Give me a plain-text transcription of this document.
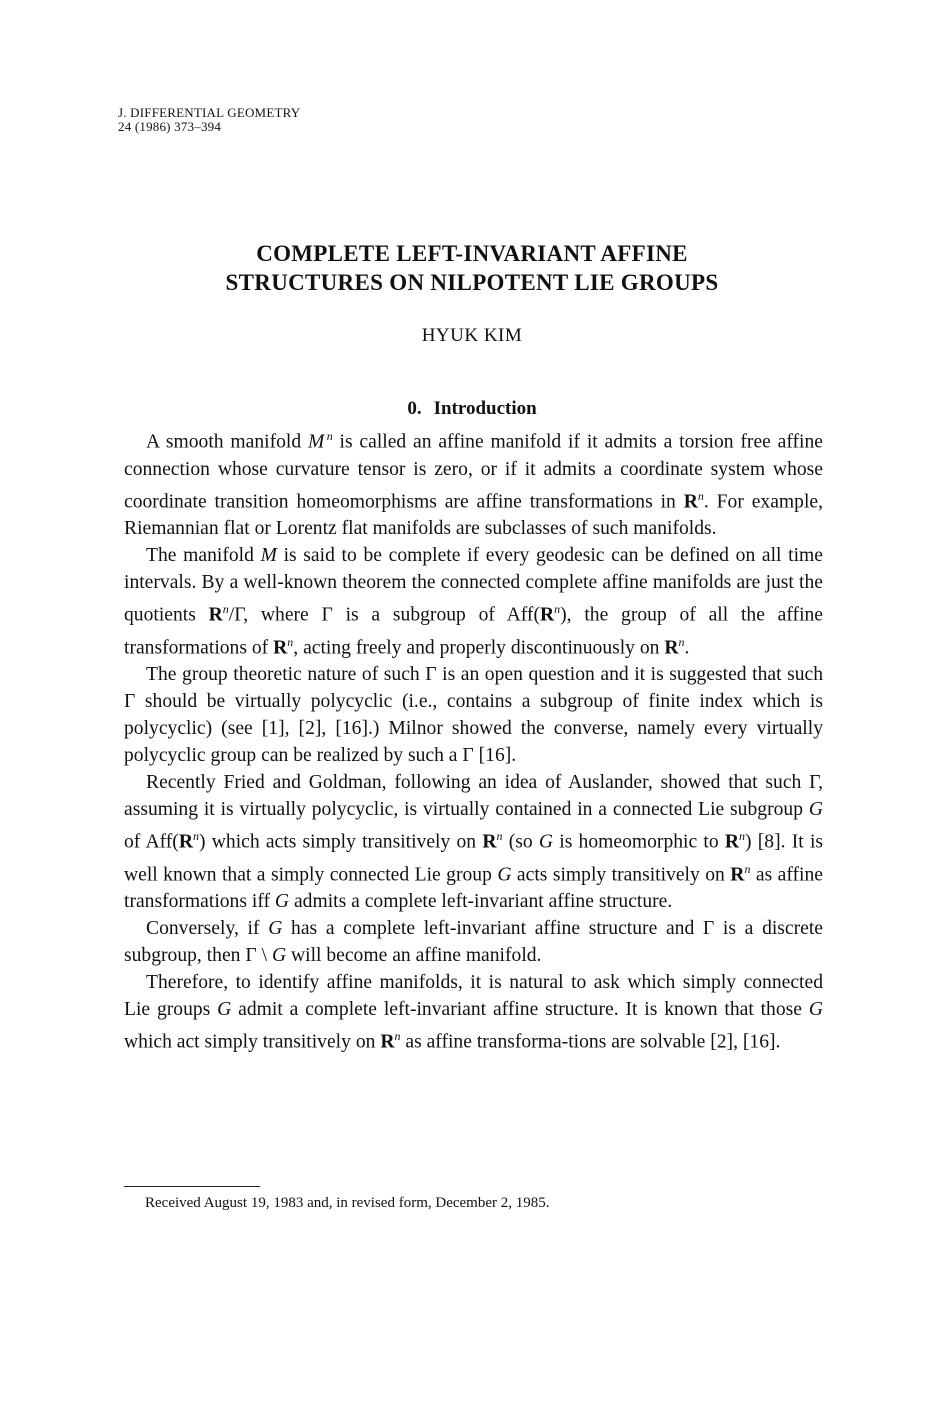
J. DIFFERENTIAL GEOMETRY
24 (1986) 373–394
COMPLETE LEFT-INVARIANT AFFINE
STRUCTURES ON NILPOTENT LIE GROUPS
HYUK KIM
0. Introduction

A smooth manifold M  $^n$ is called an affine manifold if it admits a torsion free affine connection whose curvature tensor is zero, or if it admits a coordinate system whose coordinate transition homeomorphisms are affine transformations in $R^n$. For example, Riemannian flat or Lorentz flat manifolds are subclasses of such manifolds.

The manifold M is said to be complete if every geodesic can be defined on all time intervals. By a well-known theorem the connected complete affine manifolds are just the quotients $R^n/\Gamma$, where Γ is a subgroup of $Aff(R^n)$, the group of all the affine transformations of $R^n$, acting freely and properly discontinuously on $R^n$.

The group theoretic nature of such Γ is an open question and it is suggested that such Γ should be virtually polycyclic (i.e., contains a subgroup of finite index which is polycyclic) (see [1], [2], [16].) Milnor showed the converse, namely every virtually polycyclic group can be realized by such a Γ [16].

Recently Fried and Goldman, following an idea of Auslander, showed that such Γ, assuming it is virtually polycyclic, is virtually contained in a connected Lie subgroup G of $Aff(R^n)$ which acts simply transitively on $R^n$ (so G is homeomorphic to $R^n$) [8]. It is well known that a simply connected Lie group G acts simply transitively on $R^n$ as affine transformations iff G admits a complete left-invariant affine structure.

Conversely, if G has a complete left-invariant affine structure and Γ is a discrete subgroup, then Γ \ G will become an affine manifold.

Therefore, to identify affine manifolds, it is natural to ask which simply connected Lie groups G admit a complete left-invariant affine structure. It is known that those G which act simply transitively on $R^n$ as affine transforma-tions are solvable [2], [16].

Received August 19, 1983 and, in revised form, December 2, 1985.
